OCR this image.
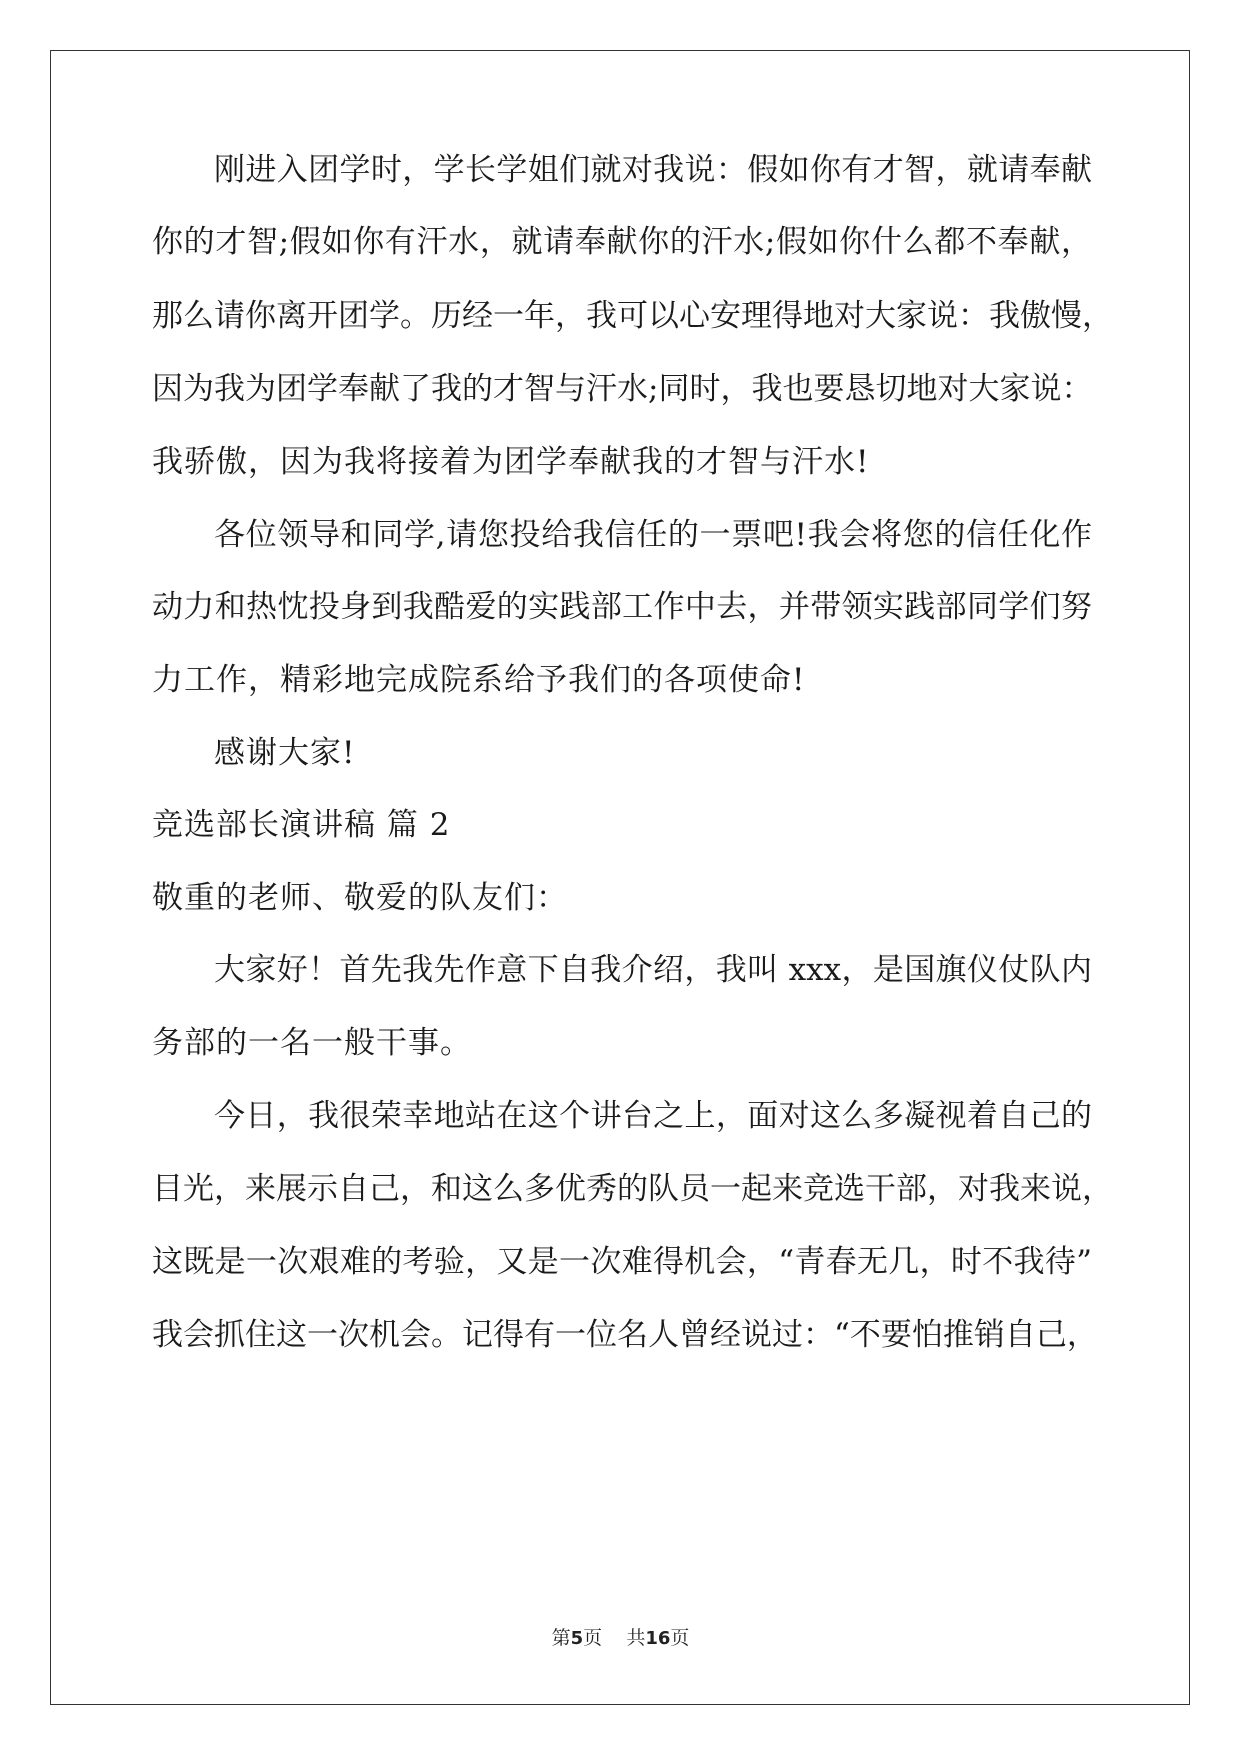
刚进入团学时，学长学姐们就对我说：假如你有才智，就请奉献
你的才智;假如你有汗水，就请奉献你的汗水;假如你什么都不奉献，
那么请你离开团学。历经一年，我可以心安理得地对大家说：我傲慢，
因为我为团学奉献了我的才智与汗水;同时，我也要恳切地对大家说：
我骄傲，因为我将接着为团学奉献我的才智与汗水!
各位领导和同学,请您投给我信任的一票吧!我会将您的信任化作
动力和热忱投身到我酷爱的实践部工作中去，并带领实践部同学们努
力工作，精彩地完成院系给予我们的各项使命!
感谢大家!
竞选部长演讲稿 篇 2
敬重的老师、敬爱的队友们：
大家好！首先我先作意下自我介绍，我叫 xxx，是国旗仪仗队内
务部的一名一般干事。
今日，我很荣幸地站在这个讲台之上，面对这么多凝视着自己的
目光，来展示自己，和这么多优秀的队员一起来竞选干部，对我来说，
这既是一次艰难的考验，又是一次难得机会，“青春无几，时不我待”
我会抓住这一次机会。记得有一位名人曾经说过：“不要怕推销自己，
第5页 共16页
